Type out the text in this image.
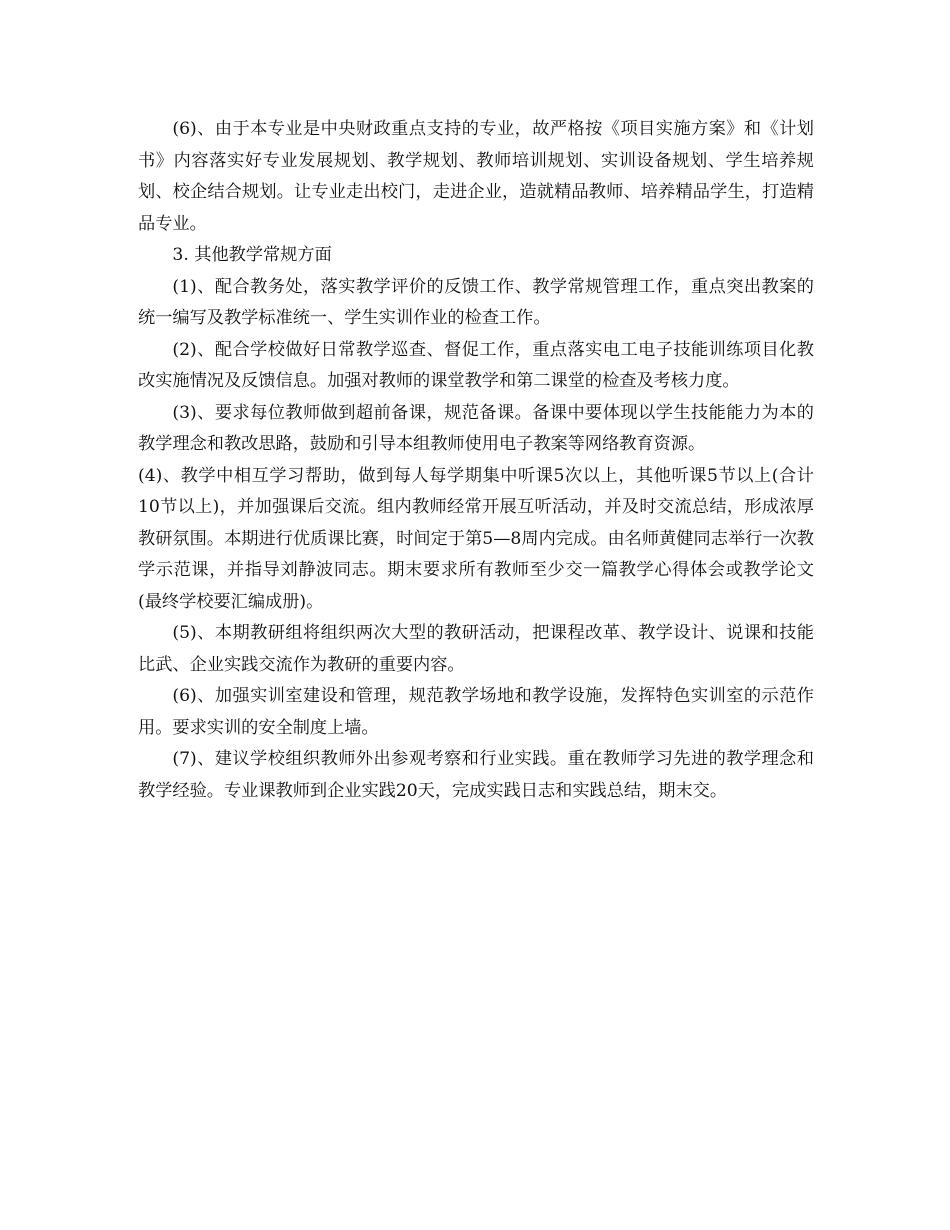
(6)、由于本专业是中央财政重点支持的专业，故严格按《项目实施方案》和《计划书》内容落实好专业发展规划、教学规划、教师培训规划、实训设备规划、学生培养规划、校企结合规划。让专业走出校门，走进企业，造就精品教师、培养精品学生，打造精品专业。

3. 其他教学常规方面

(1)、配合教务处，落实教学评价的反馈工作、教学常规管理工作，重点突出教案的统一编写及教学标准统一、学生实训作业的检查工作。

(2)、配合学校做好日常教学巡查、督促工作，重点落实电工电子技能训练项目化教改实施情况及反馈信息。加强对教师的课堂教学和第二课堂的检查及考核力度。

(3)、要求每位教师做到超前备课，规范备课。备课中要体现以学生技能能力为本的教学理念和教改思路，鼓励和引导本组教师使用电子教案等网络教育资源。

(4)、教学中相互学习帮助，做到每人每学期集中听课5次以上，其他听课5节以上(合计10节以上)，并加强课后交流。组内教师经常开展互听活动，并及时交流总结，形成浓厚教研氛围。本期进行优质课比赛，时间定于第5—8周内完成。由名师黄健同志举行一次教学示范课，并指导刘静波同志。期末要求所有教师至少交一篇教学心得体会或教学论文(最终学校要汇编成册)。

(5)、本期教研组将组织两次大型的教研活动，把课程改革、教学设计、说课和技能比武、企业实践交流作为教研的重要内容。

(6)、加强实训室建设和管理，规范教学场地和教学设施，发挥特色实训室的示范作用。要求实训的安全制度上墙。

(7)、建议学校组织教师外出参观考察和行业实践。重在教师学习先进的教学理念和教学经验。专业课教师到企业实践20天，完成实践日志和实践总结，期末交。
